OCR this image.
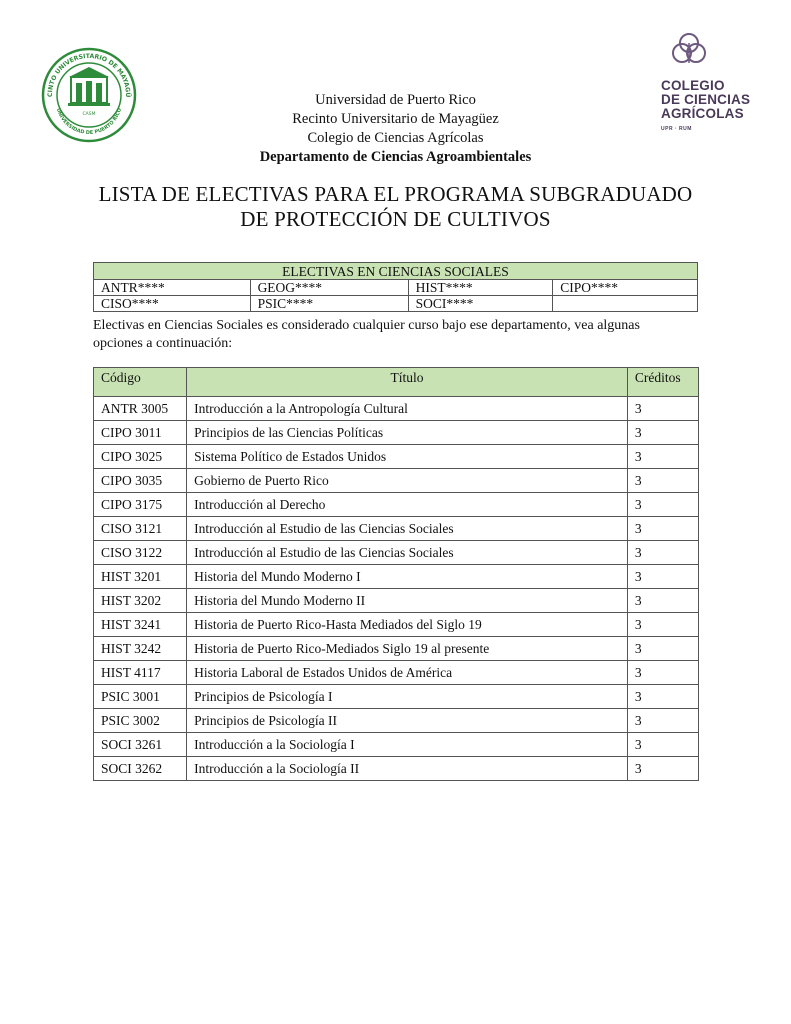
CINTO UNIVERSITARIO DE MAYAGÜ
UNIVERSIDAD DE PUERTO RICO
CASM
COLEGIO
DE CIENCIAS
AGRÍCOLAS
UPR · RUM
Universidad de Puerto Rico
Recinto Universitario de Mayagüez
Colegio de Ciencias Agrícolas
Departamento de Ciencias Agroambientales
LISTA DE ELECTIVAS PARA EL PROGRAMA SUBGRADUADO
DE PROTECCIÓN DE CULTIVOS
ELECTIVAS EN CIENCIAS SOCIALES			
ANTR****	GEOG****	HIST****	CIPO****
CISO****	PSIC****	SOCI****	
Electivas en Ciencias Sociales es considerado cualquier curso bajo ese departamento, vea algunas
opciones a continuación:
Código	Título	Créditos
ANTR 3005	Introducción a la Antropología Cultural	3
CIPO 3011	Principios de las Ciencias Políticas	3
CIPO 3025	Sistema Político de Estados Unidos	3
CIPO 3035	Gobierno de Puerto Rico	3
CIPO 3175	Introducción al Derecho	3
CISO 3121	Introducción al Estudio de las Ciencias Sociales	3
CISO 3122	Introducción al Estudio de las Ciencias Sociales	3
HIST 3201	Historia del Mundo Moderno I	3
HIST 3202	Historia del Mundo Moderno II	3
HIST 3241	Historia de Puerto Rico-Hasta Mediados del Siglo 19	3
HIST 3242	Historia de Puerto Rico-Mediados Siglo 19 al presente	3
HIST 4117	Historia Laboral de Estados Unidos de América	3
PSIC 3001	Principios de Psicología I	3
PSIC 3002	Principios de Psicología II	3
SOCI 3261	Introducción a la Sociología I	3
SOCI 3262	Introducción a la Sociología II	3
